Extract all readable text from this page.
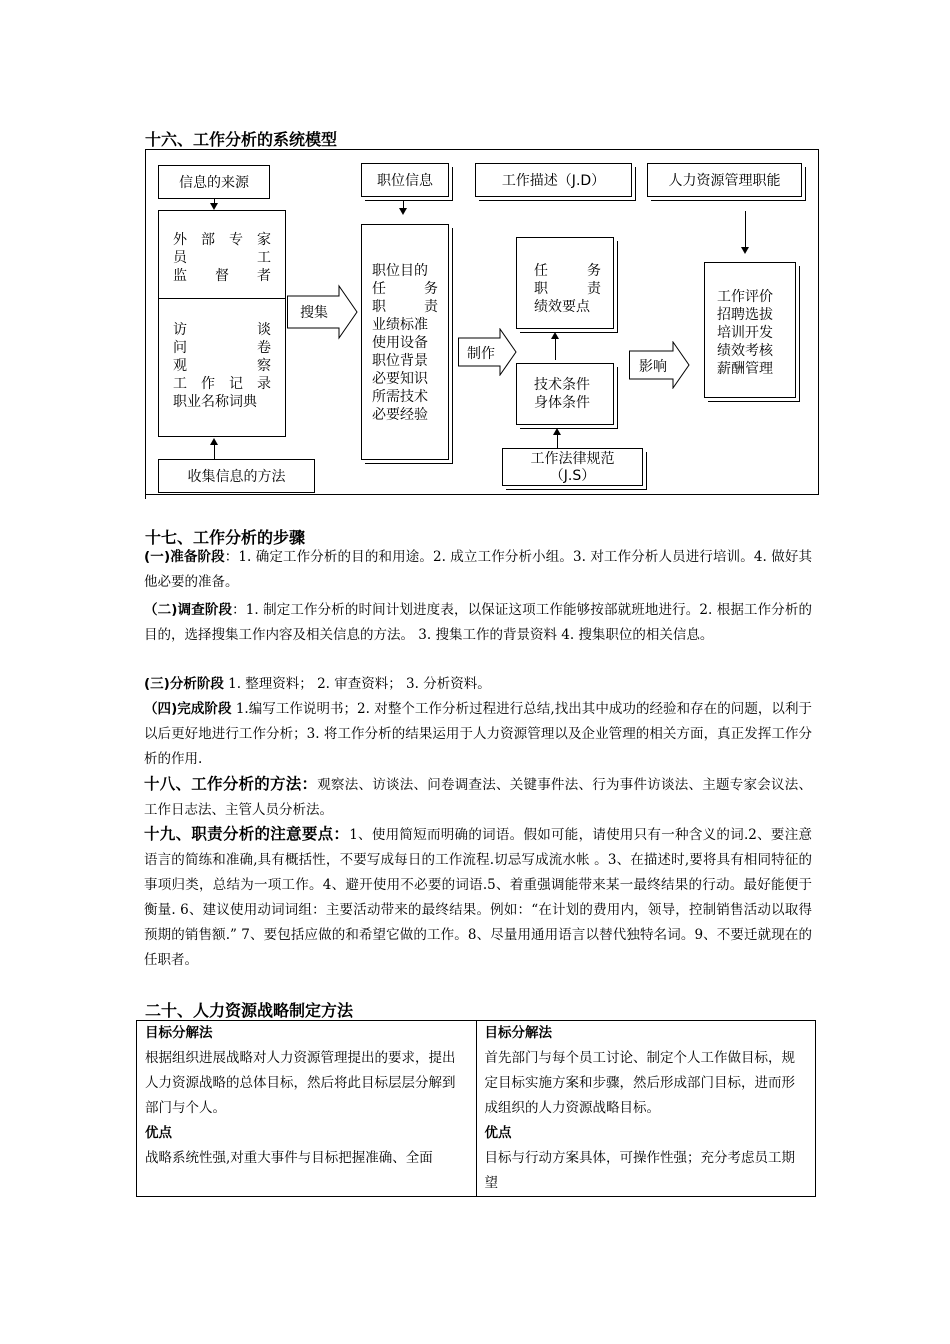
十六、工作分析的系统模型
信息的来源
外 部 专 家
员	工
监 督 者
访	谈
问	卷
观	察
工 作 记 录
职业名称词典
收集信息的方法
搜集
职位信息
职位目的
任	务
职	责
业绩标准
使用设备
职位背景
必要知识
所需技术
必要经验
制作
工作描述（J.D）
任	务
职	责
绩效要点
技术条件
身体条件
工作法律规范
（J.S）
影响
人力资源管理职能
工作评价
招聘选拔
培训开发
绩效考核
薪酬管理
十七、工作分析的步骤
(一)准备阶段：1. 确定工作分析的目的和用途。2. 成立工作分析小组。3. 对工作分析人员进行培训。4. 做好其他必要的准备。
（二)调查阶段：1. 制定工作分析的时间计划进度表，以保证这项工作能够按部就班地进行。2. 根据工作分析的目的，选择搜集工作内容及相关信息的方法。 3. 搜集工作的背景资料 4. 搜集职位的相关信息。
(三)分析阶段 1. 整理资料； 2. 审查资料； 3. 分析资料。
（四)完成阶段 1.编写工作说明书；2. 对整个工作分析过程进行总结,找出其中成功的经验和存在的问题，以利于以后更好地进行工作分析；3. 将工作分析的结果运用于人力资源管理以及企业管理的相关方面，真正发挥工作分析的作用.
十八、工作分析的方法：观察法、访谈法、问卷调查法、关键事件法、行为事件访谈法、主题专家会议法、工作日志法、主管人员分析法。
十九、职责分析的注意要点：1、使用简短而明确的词语。假如可能，请使用只有一种含义的词.2、要注意语言的简练和准确,具有概括性，不要写成每日的工作流程.切忌写成流水帐 。3、在描述时,要将具有相同特征的事项归类，总结为一项工作。4、避开使用不必要的词语.5、着重强调能带来某一最终结果的行动。最好能便于衡量. 6、建议使用动词词组：主要活动带来的最终结果。例如：“在计划的费用内，领导，控制销售活动以取得预期的销售额.” 7、要包括应做的和希望它做的工作。8、尽量用通用语言以替代独特名词。9、不要迁就现在的任职者。
二十、人力资源战略制定方法
目标分解法
根据组织进展战略对人力资源管理提出的要求，提出人力资源战略的总体目标，然后将此目标层层分解到部门与个人。
优点
战略系统性强,对重大事件与目标把握准确、全面

目标分解法
首先部门与每个员工讨论、制定个人工作做目标，规定目标实施方案和步骤，然后形成部门目标，进而形成组织的人力资源战略目标。
优点
目标与行动方案具体，可操作性强；充分考虑员工期望
